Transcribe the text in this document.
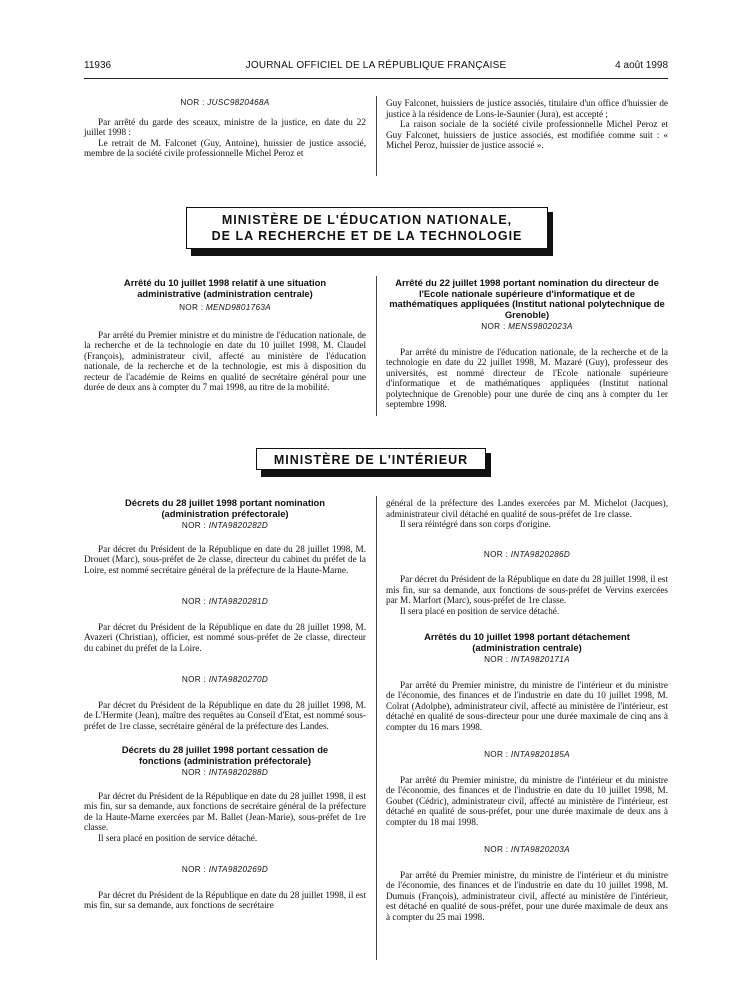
11936	JOURNAL OFFICIEL DE LA RÉPUBLIQUE FRANÇAISE	4 août 1998

NOR : JUSC9820468A

Par arrêté du garde des sceaux, ministre de la justice, en date du 22 juillet 1998 :

Le retrait de M. Falconet (Guy, Antoine), huissier de justice associé, membre de la société civile professionnelle Michel Peroz et

Guy Falconet, huissiers de justice associés, titulaire d'un office d'huissier de justice à la résidence de Lons-le-Saunier (Jura), est accepté ;

La raison sociale de la société civile professionnelle Michel Peroz et Guy Falconet, huissiers de justice associés, est modifiée comme suit : « Michel Peroz, huissier de justice associé ».

MINISTÈRE DE L'ÉDUCATION NATIONALE,
DE LA RECHERCHE ET DE LA TECHNOLOGIE

Arrêté du 10 juillet 1998 relatif à une situation administrative (administration centrale)

NOR : MEND9801763A

Par arrêté du Premier ministre et du ministre de l'éducation nationale, de la recherche et de la technologie en date du 10 juillet 1998, M. Claudel (François), administrateur civil, affecté au ministère de l'éducation nationale, de la recherche et de la technologie, est mis à disposition du recteur de l'académie de Reims en qualité de secrétaire général pour une durée de deux ans à compter du 7 mai 1998, au titre de la mobilité.

Arrêté du 22 juillet 1998 portant nomination du directeur de l'Ecole nationale supérieure d'informatique et de mathématiques appliquées (Institut national polytechnique de Grenoble)

NOR : MENS9802023A

Par arrêté du ministre de l'éducation nationale, de la recherche et de la technologie en date du 22 juillet 1998, M. Mazaré (Guy), professeur des universités, est nommé directeur de l'Ecole nationale supérieure d'informatique et de mathématiques appliquées (Institut national polytechnique de Grenoble) pour une durée de cinq ans à compter du 1er septembre 1998.

MINISTÈRE DE L'INTÉRIEUR

Décrets du 28 juillet 1998 portant nomination (administration préfectorale)

NOR : INTA9820282D

Par décret du Président de la République en date du 28 juillet 1998, M. Drouet (Marc), sous-préfet de 2e classe, directeur du cabinet du préfet de la Loire, est nommé secrétaire général de la préfecture de la Haute-Marne.

NOR : INTA9820281D

Par décret du Président de la République en date du 28 juillet 1998, M. Avazeri (Christian), officier, est nommé sous-préfet de 2e classe, directeur du cabinet du préfet de la Loire.

NOR : INTA9820270D

Par décret du Président de la République en date du 28 juillet 1998, M. de L'Hermite (Jean), maître des requêtes au Conseil d'Etat, est nommé sous-préfet de 1re classe, secrétaire général de la préfecture des Landes.

Décrets du 28 juillet 1998 portant cessation de fonctions (administration préfectorale)

NOR : INTA9820288D

Par décret du Président de la République en date du 28 juillet 1998, il est mis fin, sur sa demande, aux fonctions de secrétaire général de la préfecture de la Haute-Marne exercées par M. Ballet (Jean-Marie), sous-préfet de 1re classe.

Il sera placé en position de service détaché.

NOR : INTA9820269D

Par décret du Président de la République en date du 28 juillet 1998, il est mis fin, sur sa demande, aux fonctions de secrétaire

général de la préfecture des Landes exercées par M. Michelot (Jacques), administrateur civil détaché en qualité de sous-préfet de 1re classe.

Il sera réintégré dans son corps d'origine.

NOR : INTA9820286D

Par décret du Président de la République en date du 28 juillet 1998, il est mis fin, sur sa demande, aux fonctions de sous-préfet de Vervins exercées par M. Marfort (Marc), sous-préfet de 1re classe.

Il sera placé en position de service détaché.

Arrêtés du 10 juillet 1998 portant détachement (administration centrale)

NOR : INTA9820171A

Par arrêté du Premier ministre, du ministre de l'intérieur et du ministre de l'économie, des finances et de l'industrie en date du 10 juillet 1998, M. Colrat (Adolphe), administrateur civil, affecté au ministère de l'intérieur, est détaché en qualité de sous-directeur pour une durée maximale de cinq ans à compter du 16 mars 1998.

NOR : INTA9820185A

Par arrêté du Premier ministre, du ministre de l'intérieur et du ministre de l'économie, des finances et de l'industrie en date du 10 juillet 1998, M. Goubet (Cédric), administrateur civil, affecté au ministère de l'intérieur, est détaché en qualité de sous-préfet, pour une durée maximale de deux ans à compter du 18 mai 1998.

NOR : INTA9820203A

Par arrêté du Premier ministre, du ministre de l'intérieur et du ministre de l'économie, des finances et de l'industrie en date du 10 juillet 1998, M. Dumuis (François), administrateur civil, affecté au ministère de l'intérieur, est détaché en qualité de sous-préfet, pour une durée maximale de deux ans à compter du 25 mai 1998.
